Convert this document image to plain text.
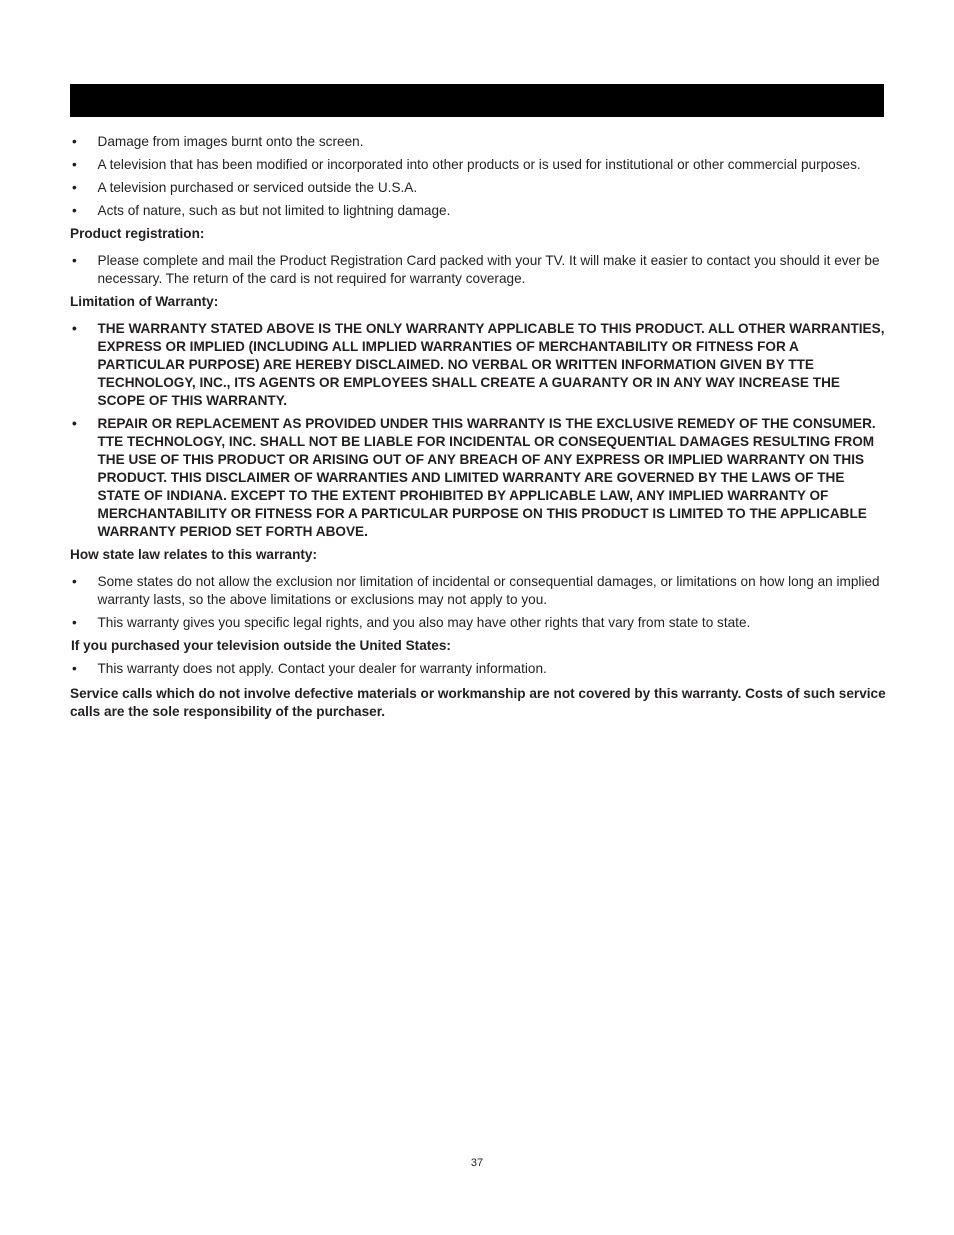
•	Damage from images burnt onto the screen.
•	A television that has been modified or incorporated into other products or is used for institutional or other commercial purposes.
•	A television purchased or serviced outside the U.S.A.
•	Acts of nature, such as but not limited to lightning damage.
Product registration:
•	Please complete and mail the Product Registration Card packed with your TV. It will make it easier to contact you should it ever be necessary. The return of the card is not required for warranty coverage.
Limitation of Warranty:
•	THE WARRANTY STATED ABOVE IS THE ONLY WARRANTY APPLICABLE TO THIS PRODUCT. ALL OTHER WARRANTIES, EXPRESS OR IMPLIED (INCLUDING ALL IMPLIED WARRANTIES OF MERCHANTABILITY OR FITNESS FOR A PARTICULAR PURPOSE) ARE HEREBY DISCLAIMED. NO VERBAL OR WRITTEN INFORMATION GIVEN BY TTE TECHNOLOGY, INC., ITS AGENTS OR EMPLOYEES SHALL CREATE A GUARANTY OR IN ANY WAY INCREASE THE SCOPE OF THIS WARRANTY.
•	REPAIR OR REPLACEMENT AS PROVIDED UNDER THIS WARRANTY IS THE EXCLUSIVE REMEDY OF THE CONSUMER. TTE TECHNOLOGY, INC. SHALL NOT BE LIABLE FOR INCIDENTAL OR CONSEQUENTIAL DAMAGES RESULTING FROM THE USE OF THIS PRODUCT OR ARISING OUT OF ANY BREACH OF ANY EXPRESS OR IMPLIED WARRANTY ON THIS PRODUCT. THIS DISCLAIMER OF WARRANTIES AND LIMITED WARRANTY ARE GOVERNED BY THE LAWS OF THE STATE OF INDIANA. EXCEPT TO THE EXTENT PROHIBITED BY APPLICABLE LAW, ANY IMPLIED WARRANTY OF MERCHANTABILITY OR FITNESS FOR A PARTICULAR PURPOSE ON THIS PRODUCT IS LIMITED TO THE APPLICABLE WARRANTY PERIOD SET FORTH ABOVE.
How state law relates to this warranty:
•	Some states do not allow the exclusion nor limitation of incidental or consequential damages, or limitations on how long an implied warranty lasts, so the above limitations or exclusions may not apply to you.
•	This warranty gives you specific legal rights, and you also may have other rights that vary from state to state.
If you purchased your television outside the United States:
•	This warranty does not apply. Contact your dealer for warranty information.
Service calls which do not involve defective materials or workmanship are not covered by this warranty. Costs of such service calls are the sole responsibility of the purchaser.
37
